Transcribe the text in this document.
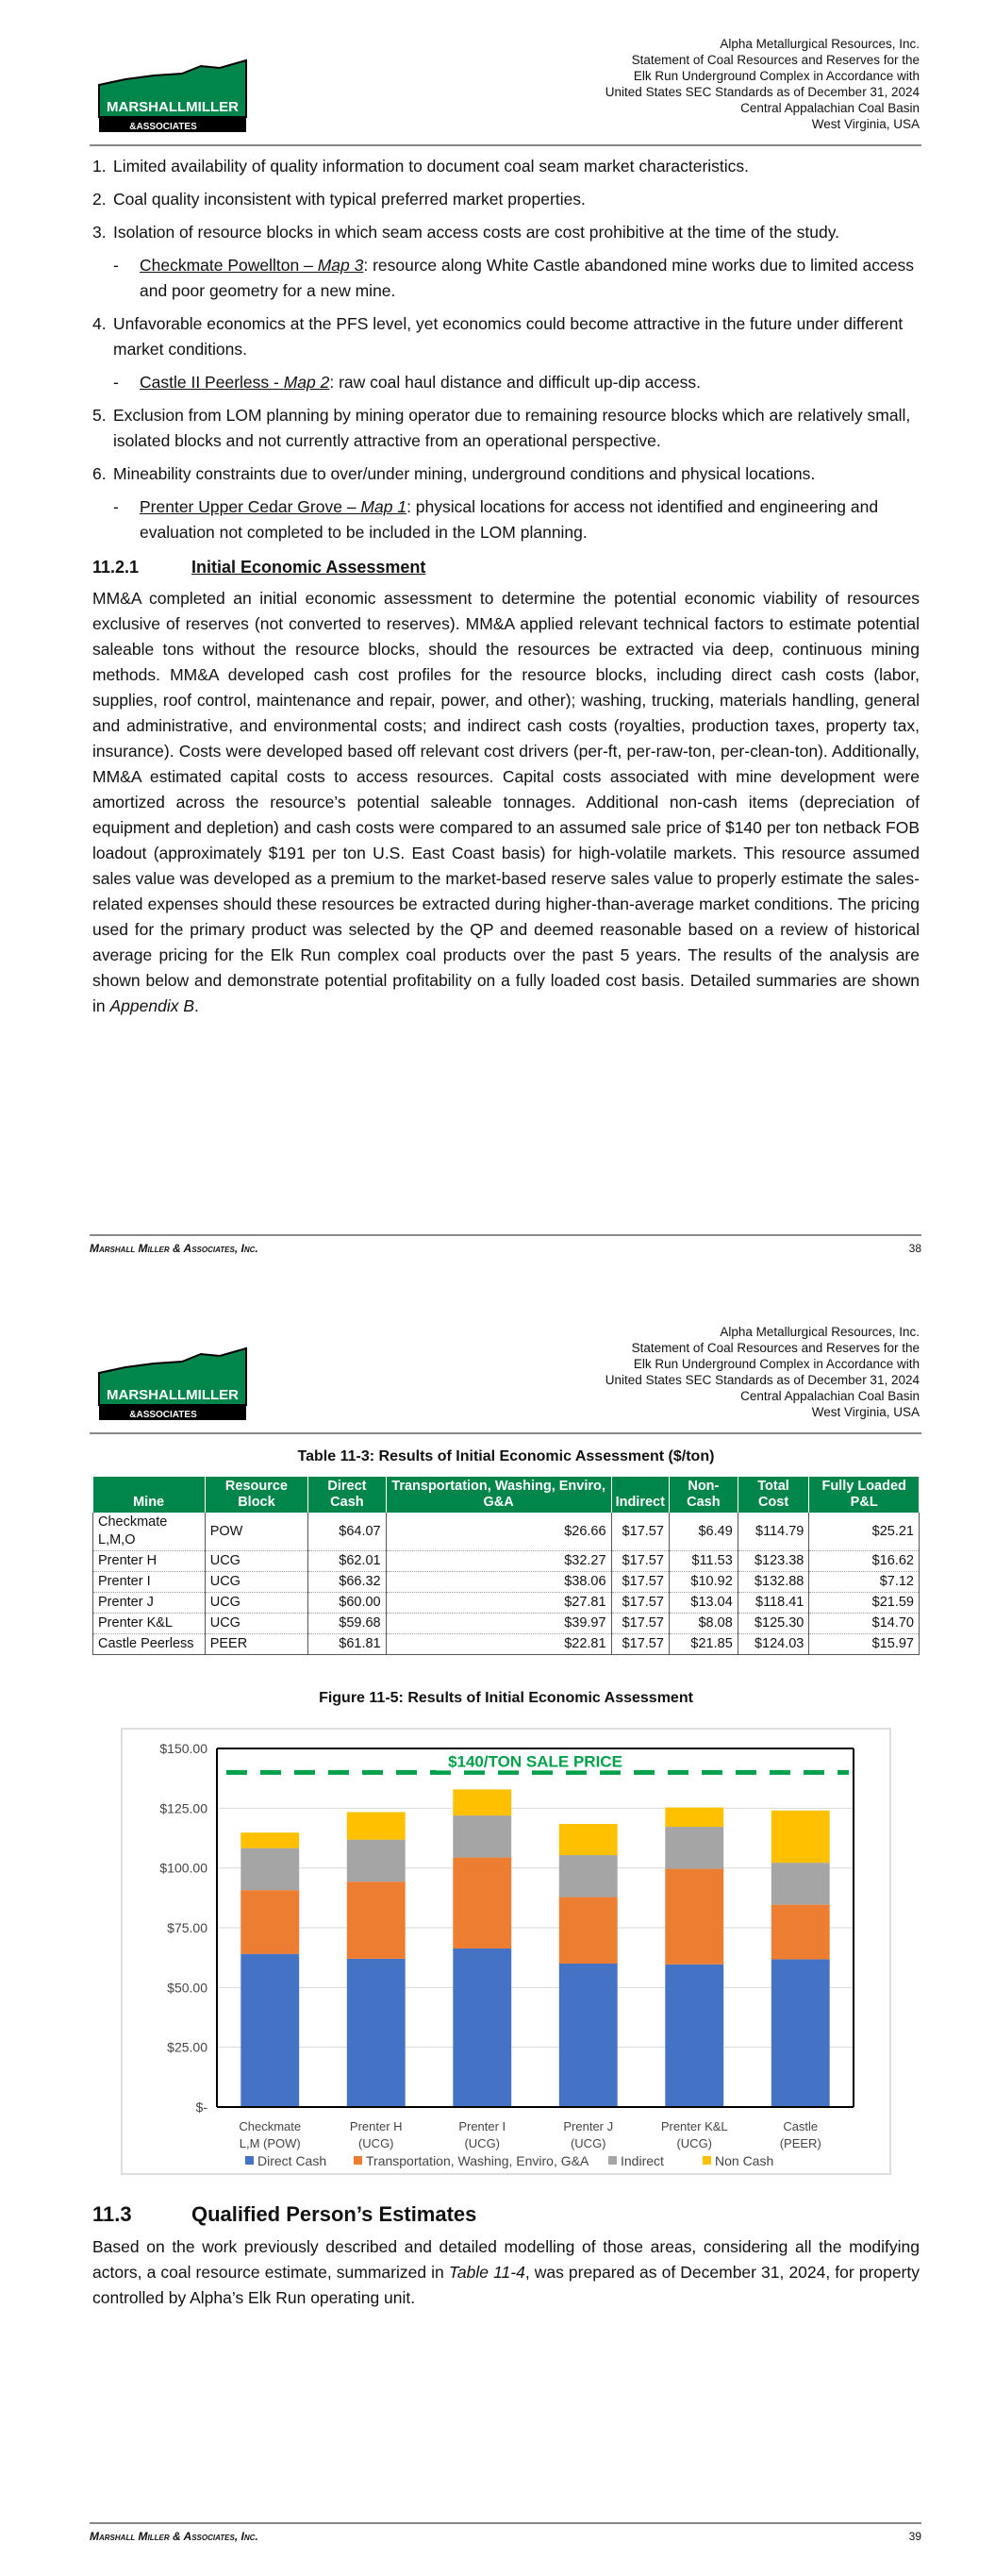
MARSHALLMILLER
&ASSOCIATES
Alpha Metallurgical Resources, Inc.
Statement of Coal Resources and Reserves for the
Elk Run Underground Complex in Accordance with
United States SEC Standards as of December 31, 2024
Central Appalachian Coal Basin
West Virginia, USA
1. Limited availability of quality information to document coal seam market characteristics.
2. Coal quality inconsistent with typical preferred market properties.
3. Isolation of resource blocks in which seam access costs are cost prohibitive at the time of the study.
-	Checkmate Powellton – Map 3: resource along White Castle abandoned mine works due to limited access and poor geometry for a new mine.
4. Unfavorable economics at the PFS level, yet economics could become attractive in the future under different market conditions.
-	Castle II Peerless - Map 2: raw coal haul distance and difficult up-dip access.
5. Exclusion from LOM planning by mining operator due to remaining resource blocks which are relatively small, isolated blocks and not currently attractive from an operational perspective.
6. Mineability constraints due to over/under mining, underground conditions and physical locations.
-	Prenter Upper Cedar Grove – Map 1: physical locations for access not identified and engineering and evaluation not completed to be included in the LOM planning.
11.2.1	Initial Economic Assessment

MM&A completed an initial economic assessment to determine the potential economic viability of resources exclusive of reserves (not converted to reserves). MM&A applied relevant technical factors to estimate potential saleable tons without the resource blocks, should the resources be extracted via deep, continuous mining methods. MM&A developed cash cost profiles for the resource blocks, including direct cash costs (labor, supplies, roof control, maintenance and repair, power, and other); washing, trucking, materials handling, general and administrative, and environmental costs; and indirect cash costs (royalties, production taxes, property tax, insurance). Costs were developed based off relevant cost drivers (per-ft, per-raw-ton, per-clean-ton). Additionally, MM&A estimated capital costs to access resources. Capital costs associated with mine development were amortized across the resource’s potential saleable tonnages. Additional non-cash items (depreciation of equipment and depletion) and cash costs were compared to an assumed sale price of $140 per ton netback FOB loadout (approximately $191 per ton U.S. East Coast basis) for high-volatile markets. This resource assumed sales value was developed as a premium to the market-based reserve sales value to properly estimate the sales-related expenses should these resources be extracted during higher-than-average market conditions. The pricing used for the primary product was selected by the QP and deemed reasonable based on a review of historical average pricing for the Elk Run complex coal products over the past 5 years. The results of the analysis are shown below and demonstrate potential profitability on a fully loaded cost basis. Detailed summaries are shown in Appendix B.

Marshall Miller & Associates, Inc.	38
MARSHALLMILLER
&ASSOCIATES
Alpha Metallurgical Resources, Inc.
Statement of Coal Resources and Reserves for the
Elk Run Underground Complex in Accordance with
United States SEC Standards as of December 31, 2024
Central Appalachian Coal Basin
West Virginia, USA
Table 11-3: Results of Initial Economic Assessment ($/ton)
Mine	Resource Block	Direct Cash	Transportation, Washing, Enviro, G&A	Indirect	Non-Cash	Total Cost	Fully Loaded P&L
Checkmate L,M,O	POW	$64.07	$26.66	$17.57	$6.49	$114.79	$25.21
Prenter H	UCG	$62.01	$32.27	$17.57	$11.53	$123.38	$16.62
Prenter I	UCG	$66.32	$38.06	$17.57	$10.92	$132.88	$7.12
Prenter J	UCG	$60.00	$27.81	$17.57	$13.04	$118.41	$21.59
Prenter K&L	UCG	$59.68	$39.97	$17.57	$8.08	$125.30	$14.70
Castle Peerless	PEER	$61.81	$22.81	$17.57	$21.85	$124.03	$15.97
Figure 11-5: Results of Initial Economic Assessment
$-
$25.00
$50.00
$75.00
$100.00
$125.00
$150.00
Checkmate
L,M (POW)
Prenter H
(UCG)
Prenter I
(UCG)
Prenter J
(UCG)
Prenter K&L
(UCG)
Castle
(PEER)
$140/TON SALE PRICE
Direct Cash	Transportation, Washing, Enviro, G&A Indirect	Non Cash
11.3	Qualified Person’s Estimates

Based on the work previously described and detailed modelling of those areas, considering all the modifying actors, a coal resource estimate, summarized in Table 11-4, was prepared as of December 31, 2024, for property controlled by Alpha’s Elk Run operating unit.

Marshall Miller & Associates, Inc.	39
